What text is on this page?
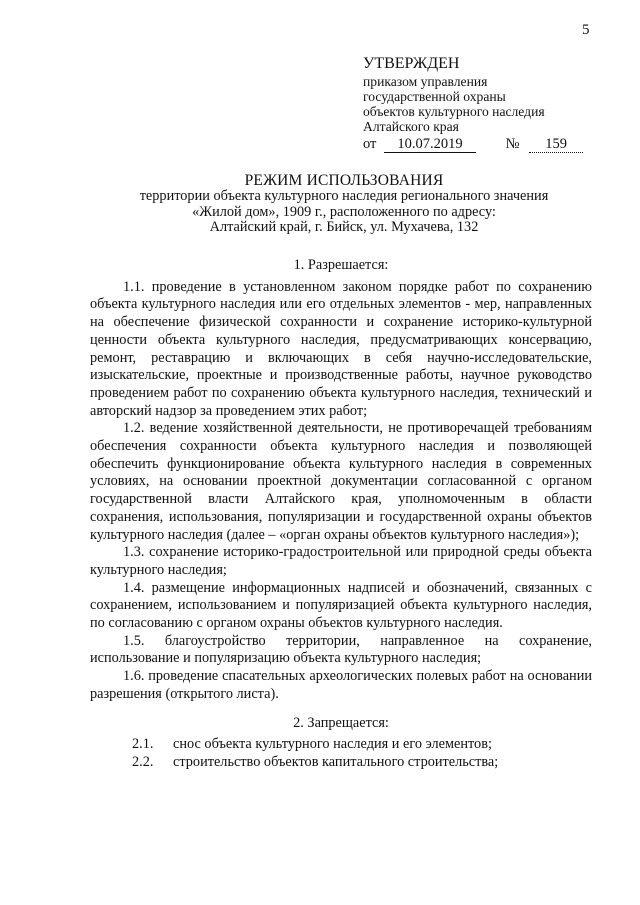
5
УТВЕРЖДЕН
приказом управления
государственной охраны
объектов культурного наследия
Алтайского края
от 10.07.2019	№ 159
РЕЖИМ ИСПОЛЬЗОВАНИЯ
территории объекта культурного наследия регионального значения
«Жилой дом», 1909 г., расположенного по адресу:
Алтайский край, г. Бийск, ул. Мухачева, 132

1. Разрешается:

1.1. проведение в установленном законом порядке работ по сохранению объекта культурного наследия или его отдельных элементов - мер, направленных на обеспечение физической сохранности и сохранение историко-культурной ценности объекта культурного наследия, предусматривающих консервацию, ремонт, реставрацию и включающих в себя научно-исследовательские, изыскательские, проектные и производственные работы, научное руководство проведением работ по сохранению объекта культурного наследия, технический и авторский надзор за проведением этих работ;

1.2. ведение хозяйственной деятельности, не противоречащей требованиям обеспечения сохранности объекта культурного наследия и позволяющей обеспечить функционирование объекта культурного наследия в современных условиях, на основании проектной документации согласованной с органом государственной власти Алтайского края, уполномоченным в области сохранения, использования, популяризации и государственной охраны объектов культурного наследия (далее – «орган охраны объектов культурного наследия»);

1.3. сохранение историко-градостроительной или природной среды объекта культурного наследия;

1.4. размещение информационных надписей и обозначений, связанных с сохранением, использованием и популяризацией объекта культурного наследия, по согласованию с органом охраны объектов культурного наследия.

1.5. благоустройство территории, направленное на сохранение, использование и популяризацию объекта культурного наследия;

1.6. проведение спасательных археологических полевых работ на основании разрешения (открытого листа).

2. Запрещается:

2.1.	снос объекта культурного наследия и его элементов;

2.2.	строительство объектов капитального строительства;
